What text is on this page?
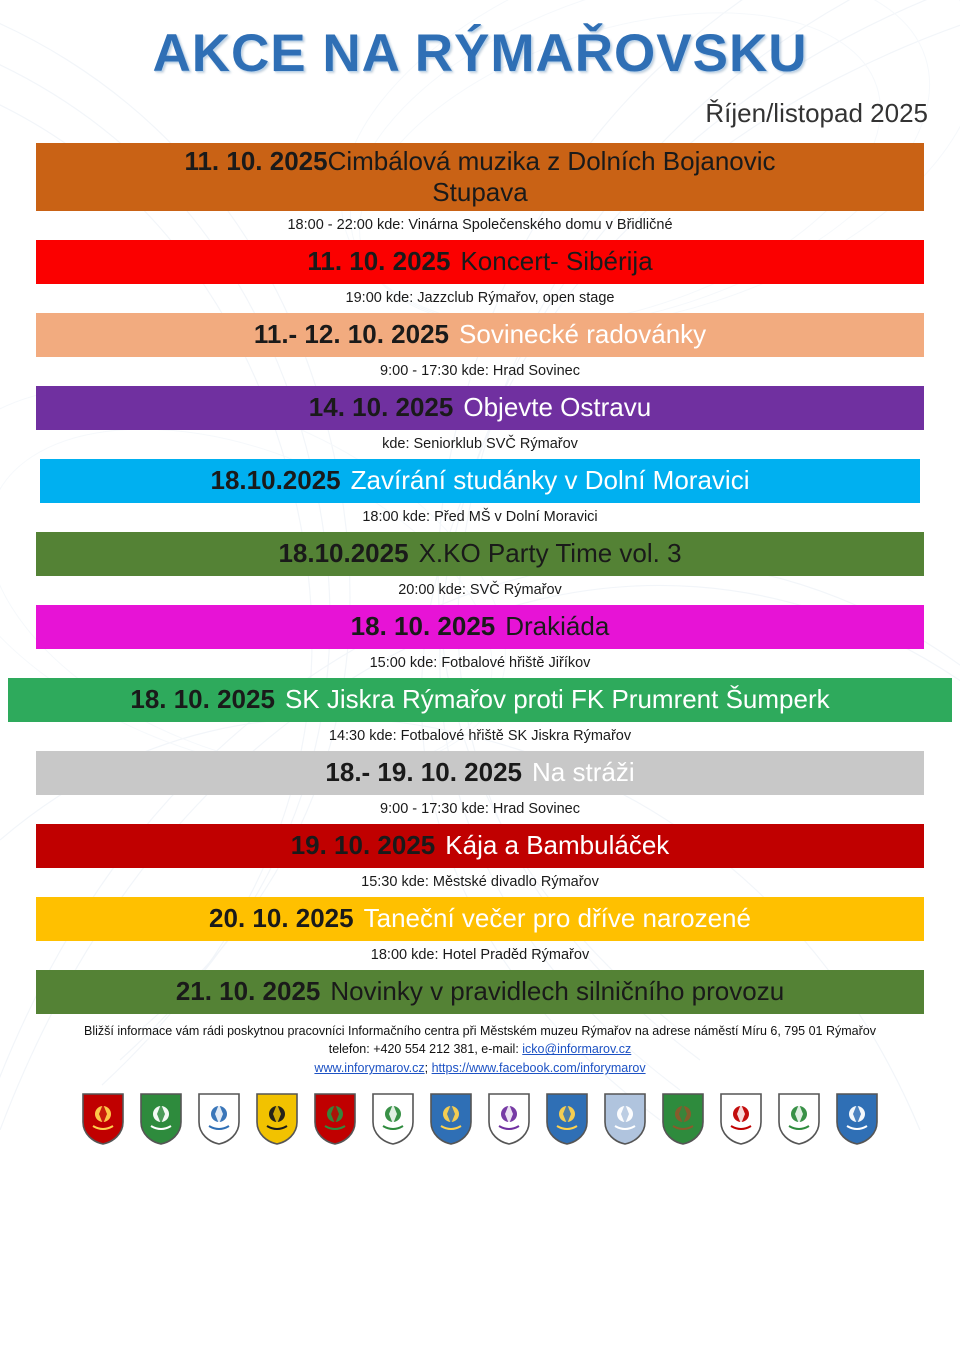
AKCE NA RÝMAŘOVSKU
Říjen/listopad 2025
11. 10. 2025 Cimbálová muzika z Dolních Bojanovic
Stupava
18:00 - 22:00 kde: Vinárna Společenského domu v Břidličné
11. 10. 2025 Koncert- Sibérija
19:00 kde: Jazzclub Rýmařov, open stage
11.- 12. 10. 2025 Sovinecké radovánky
9:00 - 17:30 kde: Hrad Sovinec
14. 10. 2025 Objevte Ostravu
kde: Seniorklub SVČ Rýmařov
18.10.2025 Zavírání studánky v Dolní Moravici
18:00 kde: Před MŠ v Dolní Moravici
18.10.2025 X.KO Party Time vol. 3
20:00 kde: SVČ Rýmařov
18. 10. 2025 Drakiáda
15:00 kde: Fotbalové hřiště Jiříkov
18. 10. 2025 SK Jiskra Rýmařov proti FK Prumrent Šumperk
14:30 kde: Fotbalové hřiště SK Jiskra Rýmařov
18.- 19. 10. 2025 Na stráži
9:00 - 17:30 kde: Hrad Sovinec
19. 10. 2025 Kája a Bambuláček
15:30 kde: Městské divadlo Rýmařov
20. 10. 2025 Taneční večer pro dříve narozené
18:00 kde: Hotel Praděd Rýmařov
21. 10. 2025 Novinky v pravidlech silničního provozu
Bližší informace vám rádi poskytnou pracovníci Informačního centra při Městském muzeu Rýmařov na adrese náměstí Míru 6, 795 01 Rýmařov
telefon: +420 554 212 381, e-mail: icko@informarov.cz
www.inforymarov.cz; https://www.facebook.com/inforymarov
